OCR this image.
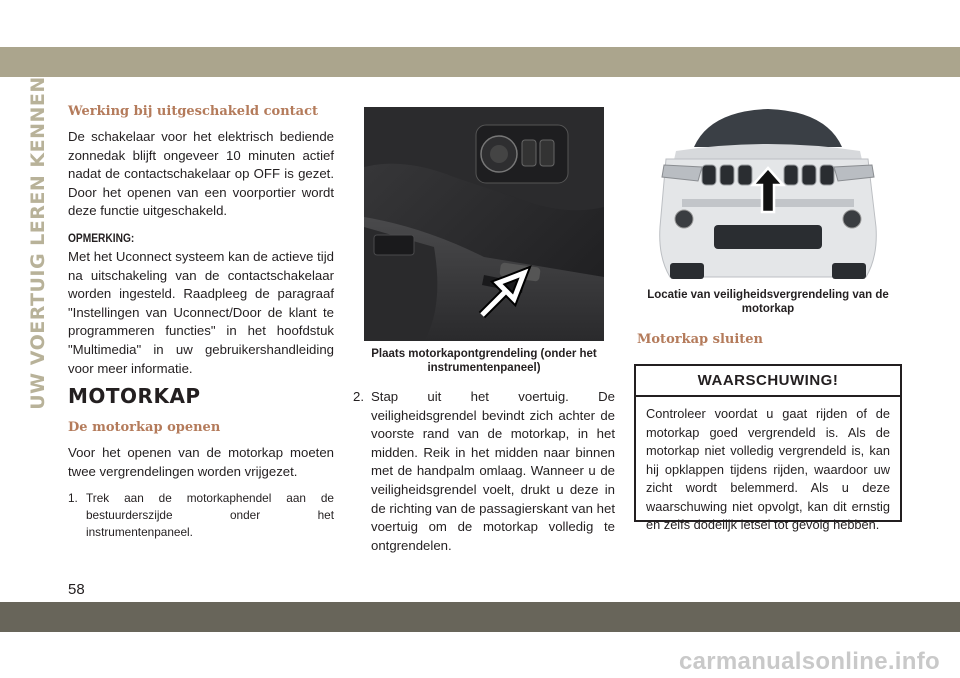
UW VOERTUIG LEREN KENNEN Werking bij uitgeschakeld contact
De schakelaar voor het elektrisch bediende zonnedak blijft ongeveer 10 minuten actief nadat de contactschakelaar op OFF is gezet. Door het openen van een voorportier wordt deze functie uitgeschakeld.
OPMERKING:
Met het Uconnect systeem kan de actieve tijd na uitschakeling van de contactschakelaar worden ingesteld. Raadpleeg de paragraaf "Instellingen van Uconnect/Door de klant te programmeren functies" in het hoofdstuk "Multimedia" in uw gebruikershandleiding voor meer informatie.
MOTORKAP
De motorkap openen
Voor het openen van de motorkap moeten twee vergrendelingen worden vrijgezet.
1. Trek aan de motorkaphendel aan de bestuurderszijde onder het instrumentenpaneel.
Plaats motorkapontgrendeling (onder het instrumentenpaneel)
2. Stap uit het voertuig. De veiligheidsgrendel bevindt zich achter de voorste rand van de motorkap, in het midden. Reik in het midden naar binnen met de handpalm omlaag. Wanneer u de veiligheidsgrendel voelt, drukt u deze in de richting van de passagierskant van het voertuig om de motorkap volledig te ontgrendelen.
Locatie van veiligheidsvergrendeling van de motorkap
Motorkap sluiten
WAARSCHUWING!
Controleer voordat u gaat rijden of de motorkap goed vergrendeld is. Als de motorkap niet volledig vergrendeld is, kan hij opklappen tijdens rijden, waardoor uw zicht wordt belemmerd. Als u deze waarschuwing niet opvolgt, kan dit ernstig en zelfs dodelijk letsel tot gevolg hebben.
58
carmanualsonline.info
